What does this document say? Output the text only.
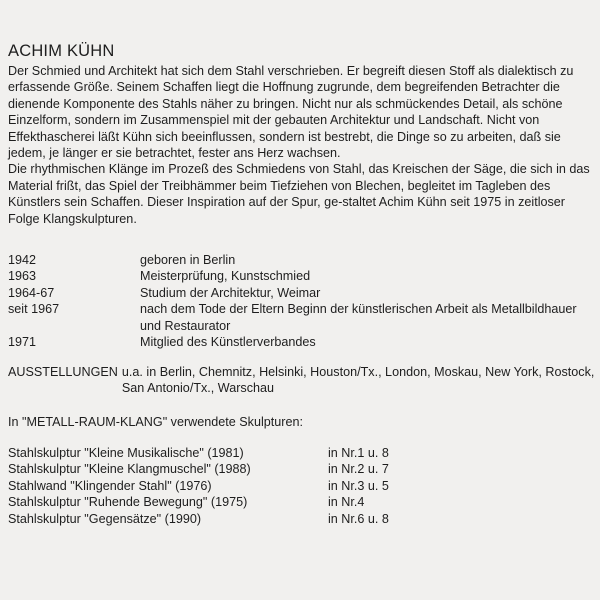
ACHIM KÜHN

Der Schmied und Architekt hat sich dem Stahl verschrieben. Er begreift diesen Stoff als dialektisch zu erfassende Größe. Seinem Schaffen liegt die Hoffnung zugrunde, dem begreifenden Betrachter die dienende Komponente des Stahls näher zu bringen. Nicht nur als schmückendes Detail, als schöne Einzelform, sondern im Zusammenspiel mit der gebauten Architektur und Landschaft. Nicht von Effekthascherei läßt Kühn sich beeinflussen, sondern ist bestrebt, die Dinge so zu arbeiten, daß sie jedem, je länger er sie betrachtet, fester ans Herz wachsen.

Die rhythmischen Klänge im Prozeß des Schmiedens von Stahl, das Kreischen der Säge, die sich in das Material frißt, das Spiel der Treibhämmer beim Tiefziehen von Blechen, begleitet im Tagleben des Künstlers sein Schaffen. Dieser Inspiration auf der Spur, ge-staltet Achim Kühn seit 1975 in zeitloser Folge Klangskulpturen.

1942	geboren in Berlin
1963	Meisterprüfung, Kunstschmied
1964-67	Studium der Architektur, Weimar
seit 1967	nach dem Tode der Eltern Beginn der künstlerischen Arbeit als Metallbildhauer und Restaurator
1971	Mitglied des Künstlerverbandes
AUSSTELLUNGEN u.a. in Berlin, Chemnitz, Helsinki, Houston/Tx., London, Moskau, New York, Rostock, San Antonio/Tx., Warschau
In "METALL-RAUM-KLANG" verwendete Skulpturen:
Stahlskulptur "Kleine Musikalische" (1981)	in Nr.1 u. 8
Stahlskulptur "Kleine Klangmuschel" (1988)	in Nr.2 u. 7
Stahlwand "Klingender Stahl" (1976)	in Nr.3 u. 5
Stahlskulptur "Ruhende Bewegung" (1975)	in Nr.4
Stahlskulptur "Gegensätze" (1990)	in Nr.6 u. 8
